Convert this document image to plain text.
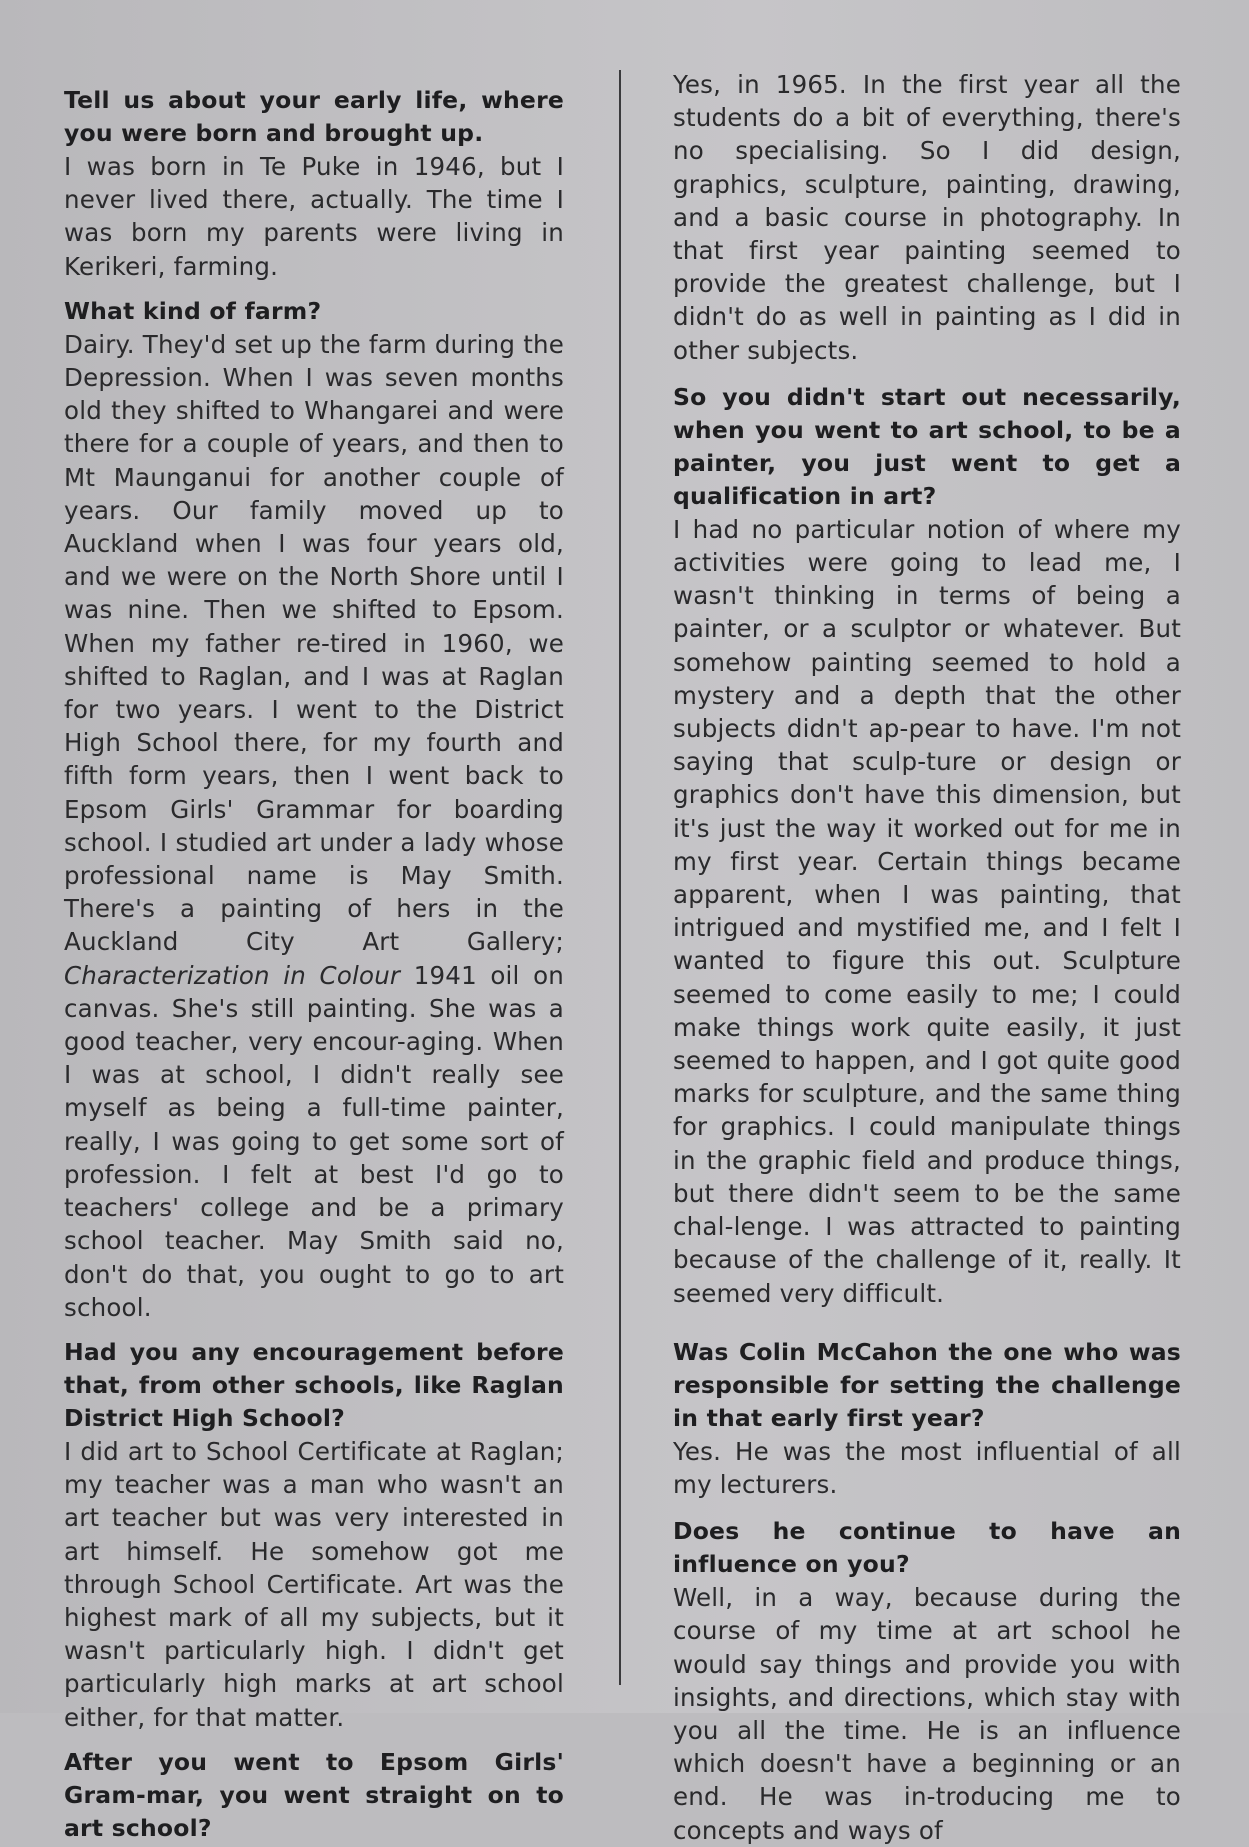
Tell us about your early life, where you were born and brought up.

I was born in Te Puke in 1946, but I never lived there, actually. The time I was born my parents were living in Kerikeri, farming.

What kind of farm?

Dairy. They'd set up the farm during the Depression. When I was seven months old they shifted to Whangarei and were there for a couple of years, and then to Mt Maunganui for another couple of years. Our family moved up to Auckland when I was four years old, and we were on the North Shore until I was nine. Then we shifted to Epsom. When my father re-tired in 1960, we shifted to Raglan, and I was at Raglan for two years. I went to the District High School there, for my fourth and fifth form years, then I went back to Epsom Girls' Grammar for boarding school. I studied art under a lady whose professional name is May Smith. There's a painting of hers in the Auckland City Art Gallery; Characterization in Colour 1941 oil on canvas. She's still painting. She was a good teacher, very encour-aging. When I was at school, I didn't really see myself as being a full-time painter, really, I was going to get some sort of profession. I felt at best I'd go to teachers' college and be a primary school teacher. May Smith said no, don't do that, you ought to go to art school.

Had you any encouragement before that, from other schools, like Raglan District High School?

I did art to School Certificate at Raglan; my teacher was a man who wasn't an art teacher but was very interested in art himself. He somehow got me through School Certificate. Art was the highest mark of all my subjects, but it wasn't particularly high. I didn't get particularly high marks at art school either, for that matter.

After you went to Epsom Girls' Gram-mar, you went straight on to art school?

Yes, in 1965. In the first year all the students do a bit of everything, there's no specialising. So I did design, graphics, sculpture, painting, drawing, and a basic course in photography. In that first year painting seemed to provide the greatest challenge, but I didn't do as well in painting as I did in other subjects.

So you didn't start out necessarily, when you went to art school, to be a painter, you just went to get a qualification in art?

I had no particular notion of where my activities were going to lead me, I wasn't thinking in terms of being a painter, or a sculptor or whatever. But somehow painting seemed to hold a mystery and a depth that the other subjects didn't ap-pear to have. I'm not saying that sculp-ture or design or graphics don't have this dimension, but it's just the way it worked out for me in my first year. Certain things became apparent, when I was painting, that intrigued and mystified me, and I felt I wanted to figure this out. Sculpture seemed to come easily to me; I could make things work quite easily, it just seemed to happen, and I got quite good marks for sculpture, and the same thing for graphics. I could manipulate things in the graphic field and produce things, but there didn't seem to be the same chal-lenge. I was attracted to painting because of the challenge of it, really. It seemed very difficult.

Was Colin McCahon the one who was responsible for setting the challenge in that early first year?

Yes. He was the most influential of all my lecturers.

Does he continue to have an influence on you?

Well, in a way, because during the course of my time at art school he would say things and provide you with insights, and directions, which stay with you all the time. He is an influence which doesn't have a beginning or an end. He was in-troducing me to concepts and ways of
